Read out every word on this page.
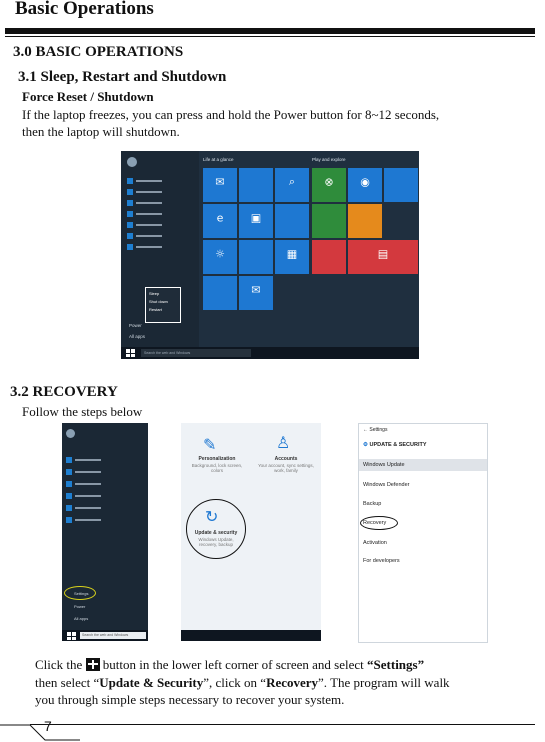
Basic Operations
3.0 BASIC OPERATIONS
3.1 Sleep, Restart and Shutdown
Force Reset / Shutdown
If the laptop freezes, you can press and hold the Power button for 8~12 seconds,
then the laptop will shutdown.
Power
All apps
Life at a glance	Play and explore
✉	⌕
e ▣
☼	▦
✉
⊗ ◉
▤
Sleep
Shut down
Restart
Search the web and Windows
3.2 RECOVERY
Follow the steps below
Settings
Power
All apps
Search the web and Windows
✎	♙
Personalization
Background, lock screen, colors
Accounts
Your account, sync settings, work, family
↻
Update & security
Windows Update, recovery, backup
← Settings
⚙ UPDATE & SECURITY
Windows Update
Windows Defender
Backup
Recovery
Activation
For developers
Click the button in the lower left corner of screen and select “Settings”
then select “Update & Security”, click on “Recovery”. The program will walk
you through simple steps necessary to recover your system.
7
